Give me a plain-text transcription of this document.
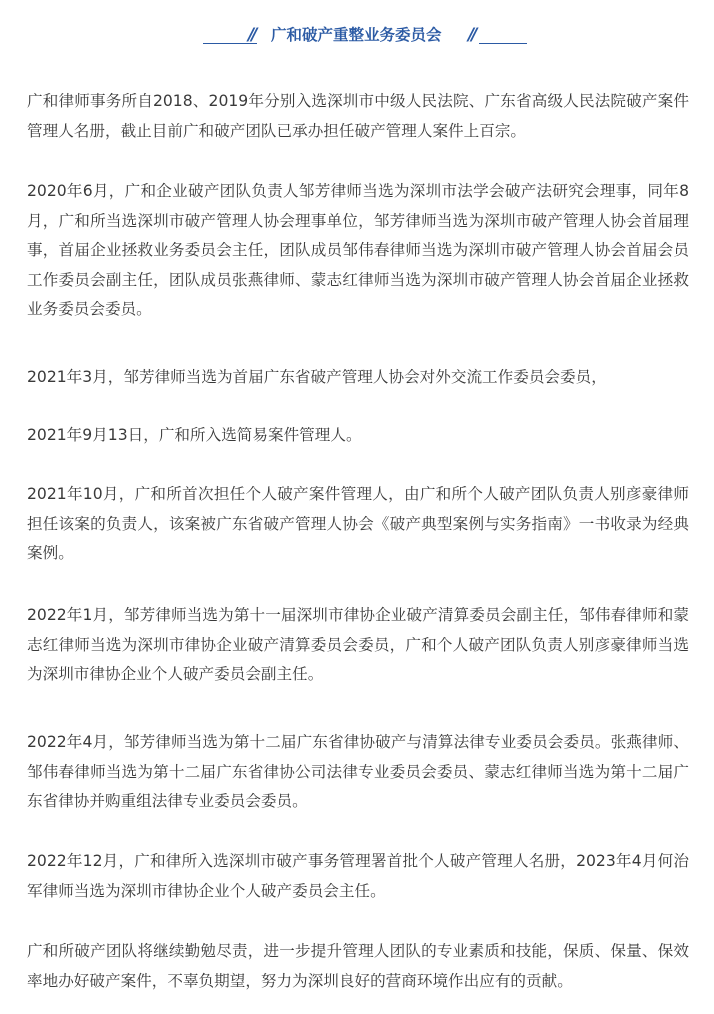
// 广和破产重整业务委员会	//

广和律师事务所自2018、2019年分别入选深圳市中级人民法院、广东省高级人民法院破产案件管理人名册，截止目前广和破产团队已承办担任破产管理人案件上百宗。

2020年6月，广和企业破产团队负责人邹芳律师当选为深圳市法学会破产法研究会理事，同年8月，广和所当选深圳市破产管理人协会理事单位，邹芳律师当选为深圳市破产管理人协会首届理事，首届企业拯救业务委员会主任，团队成员邹伟春律师当选为深圳市破产管理人协会首届会员工作委员会副主任，团队成员张燕律师、蒙志红律师当选为深圳市破产管理人协会首届企业拯救业务委员会委员。

2021年3月，邹芳律师当选为首届广东省破产管理人协会对外交流工作委员会委员，

2021年9月13日，广和所入选简易案件管理人。

2021年10月，广和所首次担任个人破产案件管理人，由广和所个人破产团队负责人别彦豪律师担任该案的负责人，该案被广东省破产管理人协会《破产典型案例与实务指南》一书收录为经典案例。

2022年1月，邹芳律师当选为第十一届深圳市律协企业破产清算委员会副主任，邹伟春律师和蒙志红律师当选为深圳市律协企业破产清算委员会委员，广和个人破产团队负责人别彦豪律师当选为深圳市律协企业个人破产委员会副主任。

2022年4月，邹芳律师当选为第十二届广东省律协破产与清算法律专业委员会委员。张燕律师、邹伟春律师当选为第十二届广东省律协公司法律专业委员会委员、蒙志红律师当选为第十二届广东省律协并购重组法律专业委员会委员。

2022年12月，广和律所入选深圳市破产事务管理署首批个人破产管理人名册，2023年4月何治军律师当选为深圳市律协企业个人破产委员会主任。

广和所破产团队将继续勤勉尽责，进一步提升管理人团队的专业素质和技能，保质、保量、保效率地办好破产案件，不辜负期望，努力为深圳良好的营商环境作出应有的贡献。
